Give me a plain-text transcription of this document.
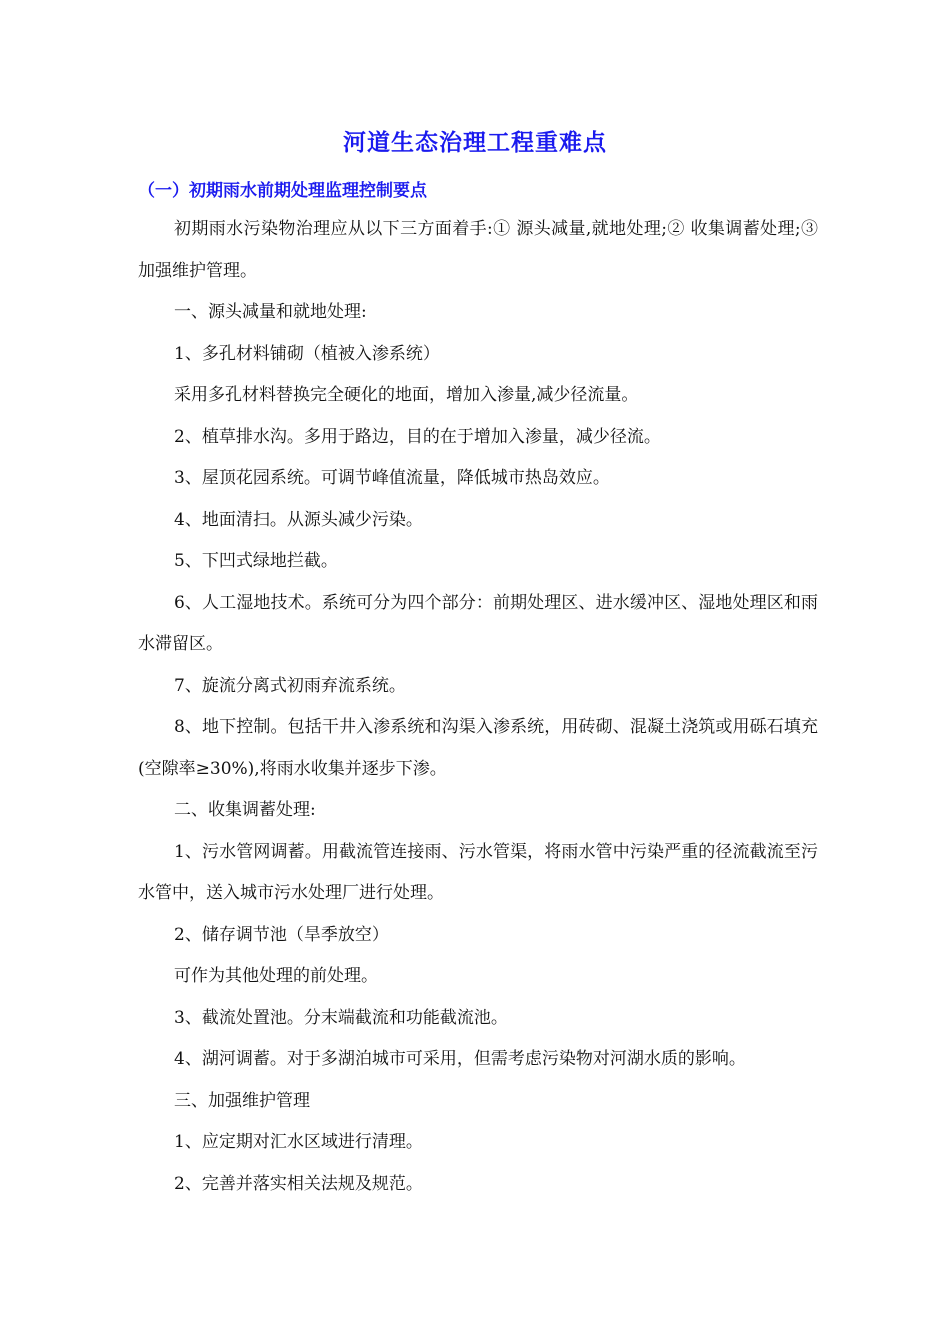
河道生态治理工程重难点
（一）初期雨水前期处理监理控制要点

初期雨水污染物治理应从以下三方面着手:① 源头减量,就地处理;② 收集调蓄处理;③ 加强维护管理。

一、源头减量和就地处理:

1、多孔材料铺砌（植被入渗系统）

采用多孔材料替换完全硬化的地面，增加入渗量,减少径流量。

2、植草排水沟。多用于路边，目的在于增加入渗量，减少径流。

3、屋顶花园系统。可调节峰值流量，降低城市热岛效应。

4、地面清扫。从源头减少污染。

5、下凹式绿地拦截。

6、人工湿地技术。系统可分为四个部分：前期处理区、进水缓冲区、湿地处理区和雨水滞留区。

7、旋流分离式初雨弃流系统。

8、地下控制。包括干井入渗系统和沟渠入渗系统，用砖砌、混凝土浇筑或用砾石填充(空隙率≥30%),将雨水收集并逐步下渗。

二、收集调蓄处理:

1、污水管网调蓄。用截流管连接雨、污水管渠，将雨水管中污染严重的径流截流至污水管中，送入城市污水处理厂进行处理。

2、储存调节池（旱季放空）

可作为其他处理的前处理。

3、截流处置池。分末端截流和功能截流池。

4、湖河调蓄。对于多湖泊城市可采用，但需考虑污染物对河湖水质的影响。

三、加强维护管理

1、应定期对汇水区域进行清理。

2、完善并落实相关法规及规范。
